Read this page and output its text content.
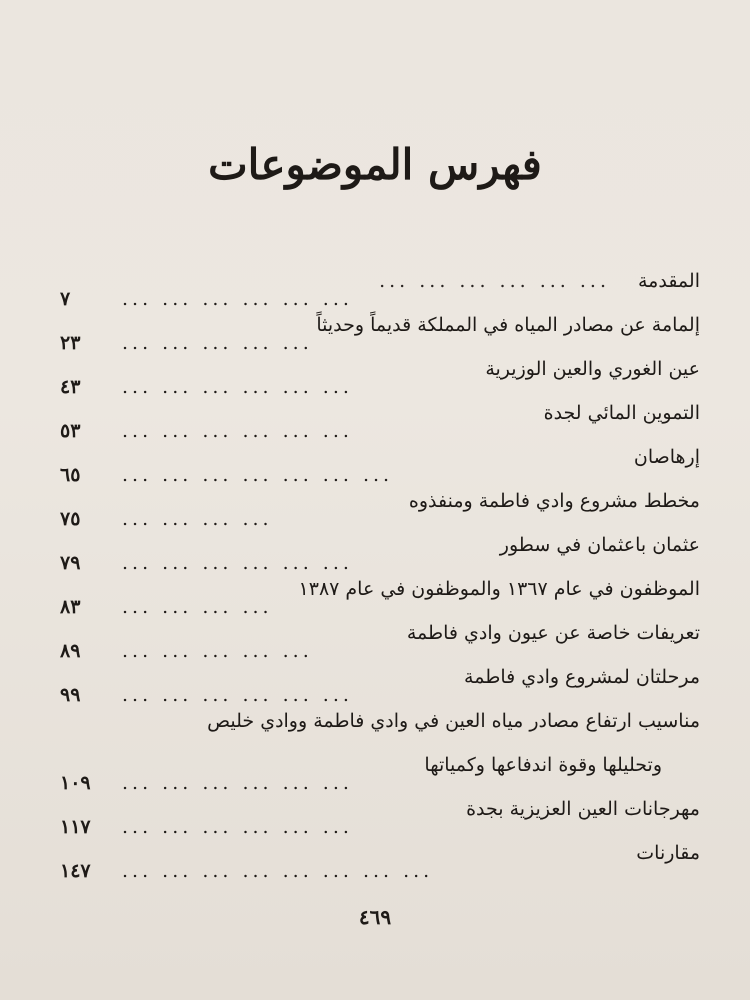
فهرس الموضوعات
المقدمة
... ... ... ... ... ...
٧	... ... ... ... ... ...
إلمامة عن مصادر المياه في المملكة قديماً وحديثاً
٢٣	... ... ... ... ...
عين الغوري والعين الوزيرية
٤٣	... ... ... ... ... ...
التموين المائي لجدة
٥٣	... ... ... ... ... ...
إرهاصان
٦٥	... ... ... ... ... ... ...
مخطط مشروع وادي فاطمة ومنفذوه
٧٥	... ... ... ...
عثمان باعثمان في سطور
٧٩	... ... ... ... ... ...
الموظفون في عام ١٣٦٧ والموظفون في عام ١٣٨٧
٨٣	... ... ... ...
تعريفات خاصة عن عيون وادي فاطمة
٨٩	... ... ... ... ...
مرحلتان لمشروع وادي فاطمة
٩٩	... ... ... ... ... ...
مناسيب ارتفاع مصادر مياه العين في وادي فاطمة ووادي خليص
وتحليلها وقوة اندفاعها وكمياتها
١٠٩	... ... ... ... ... ...
مهرجانات العين العزيزية بجدة
١١٧	... ... ... ... ... ...
مقارنات
١٤٧	... ... ... ... ... ... ... ...
٤٦٩
